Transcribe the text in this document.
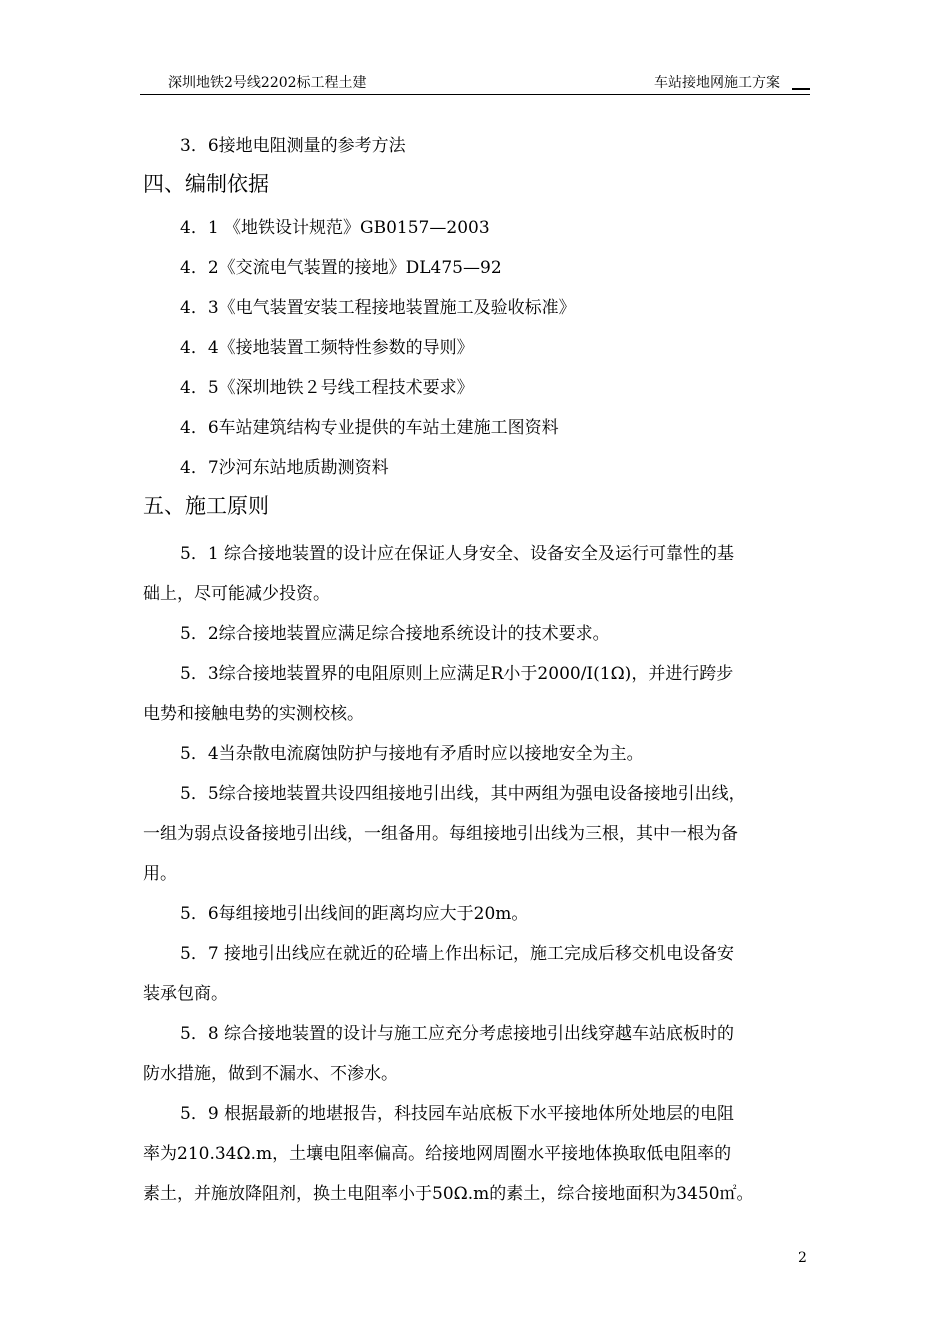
深圳地铁2号线2202标工程土建	车站接地网施工方案
3．6接地电阻测量的参考方法
四、编制依据
4．1 《地铁设计规范》GB0157—2003
4．2《交流电气装置的接地》DL475—92
4．3《电气装置安装工程接地装置施工及验收标准》
4．4《接地装置工频特性参数的导则》
4．5《深圳地铁２号线工程技术要求》
4．6车站建筑结构专业提供的车站土建施工图资料
4．7沙河东站地质勘测资料
五、施工原则
5．1 综合接地装置的设计应在保证人身安全、设备安全及运行可靠性的基
础上，尽可能减少投资。
5．2综合接地装置应满足综合接地系统设计的技术要求。
5．3综合接地装置界的电阻原则上应满足R小于2000/I(1Ω)，并进行跨步
电势和接触电势的实测校核。
5．4当杂散电流腐蚀防护与接地有矛盾时应以接地安全为主。
5．5综合接地装置共设四组接地引出线，其中两组为强电设备接地引出线，
一组为弱点设备接地引出线，一组备用。每组接地引出线为三根，其中一根为备
用。
5．6每组接地引出线间的距离均应大于20m。
5．7 接地引出线应在就近的砼墙上作出标记，施工完成后移交机电设备安
装承包商。
5．8 综合接地装置的设计与施工应充分考虑接地引出线穿越车站底板时的
防水措施，做到不漏水、不渗水。
5．9 根据最新的地堪报告，科技园车站底板下水平接地体所处地层的电阻
率为210.34Ω.m，土壤电阻率偏高。给接地网周圈水平接地体换取低电阻率的
素土，并施放降阻剂，换土电阻率小于50Ω.m的素土，综合接地面积为3450㎡。
2
